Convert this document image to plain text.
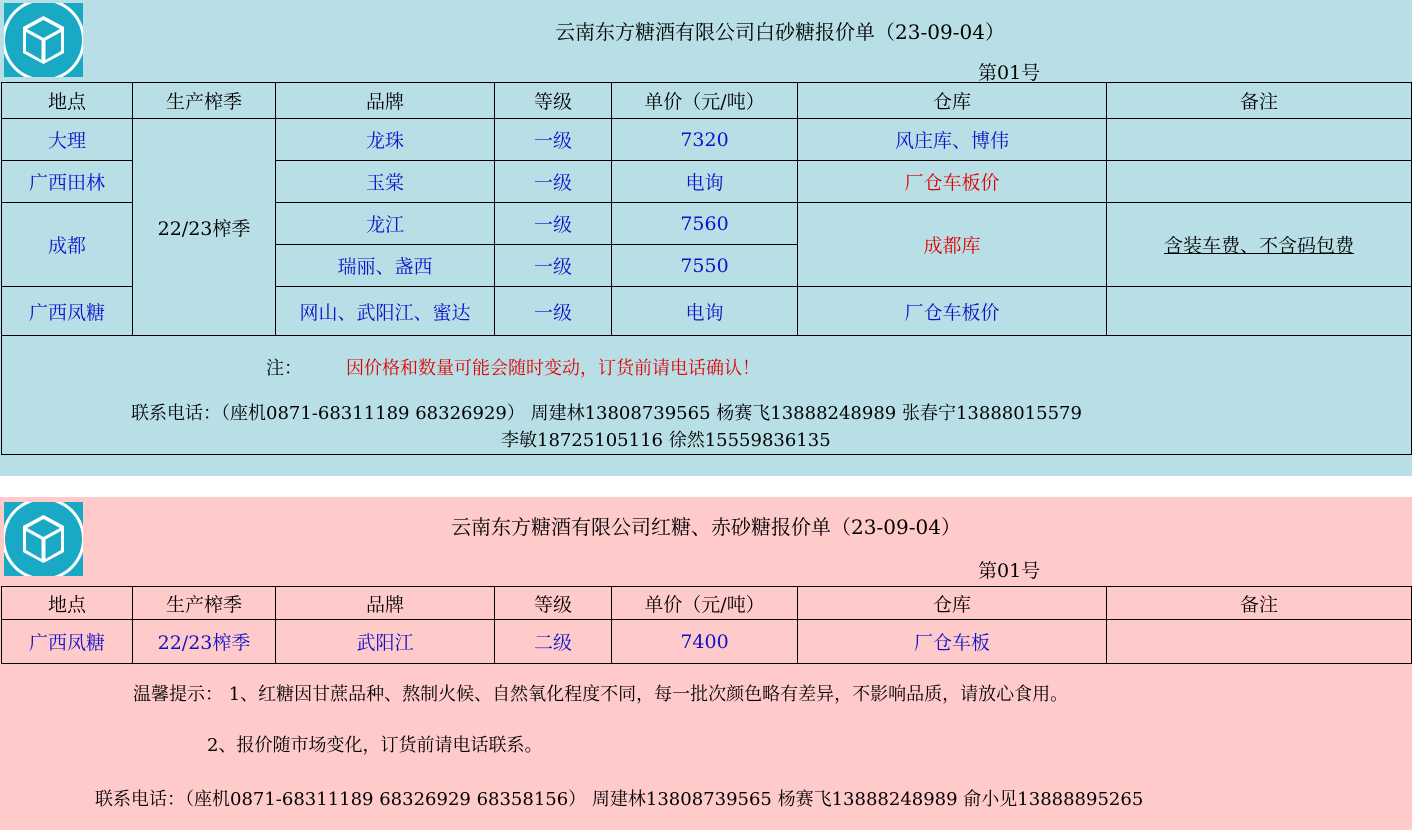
云南东方糖酒有限公司白砂糖报价单（23-09-04）
第01号
地点	生产榨季	品牌	等级	单价（元/吨）	仓库	备注
大理	22/23榨季	龙珠	一级	7320	风庄库、博伟	
广西田林		玉棠	一级	电询	厂仓车板价	
成都		龙江	一级	7560	成都库	含装车费、不含码包费
		瑞丽、盏西	一级	7550		
广西凤糖		网山、武阳江、蜜达	一级	电询	厂仓车板价	
注： 因价格和数量可能会随时变动，订货前请电话确认！
联系电话：（座机0871-68311189 68326929） 周建林13808739565 杨赛飞13888248989 张春宁13888015579
李敏18725105116 徐然15559836135
云南东方糖酒有限公司红糖、赤砂糖报价单（23-09-04）
第01号
地点	生产榨季	品牌	等级	单价（元/吨）	仓库	备注
广西凤糖	22/23榨季	武阳江	二级	7400	厂仓车板	
温馨提示： 1、红糖因甘蔗品种、熬制火候、自然氧化程度不同，每一批次颜色略有差异，不影响品质，请放心食用。
2、报价随市场变化，订货前请电话联系。
联系电话：（座机0871-68311189 68326929 68358156） 周建林13808739565 杨赛飞13888248989 俞小见13888895265
